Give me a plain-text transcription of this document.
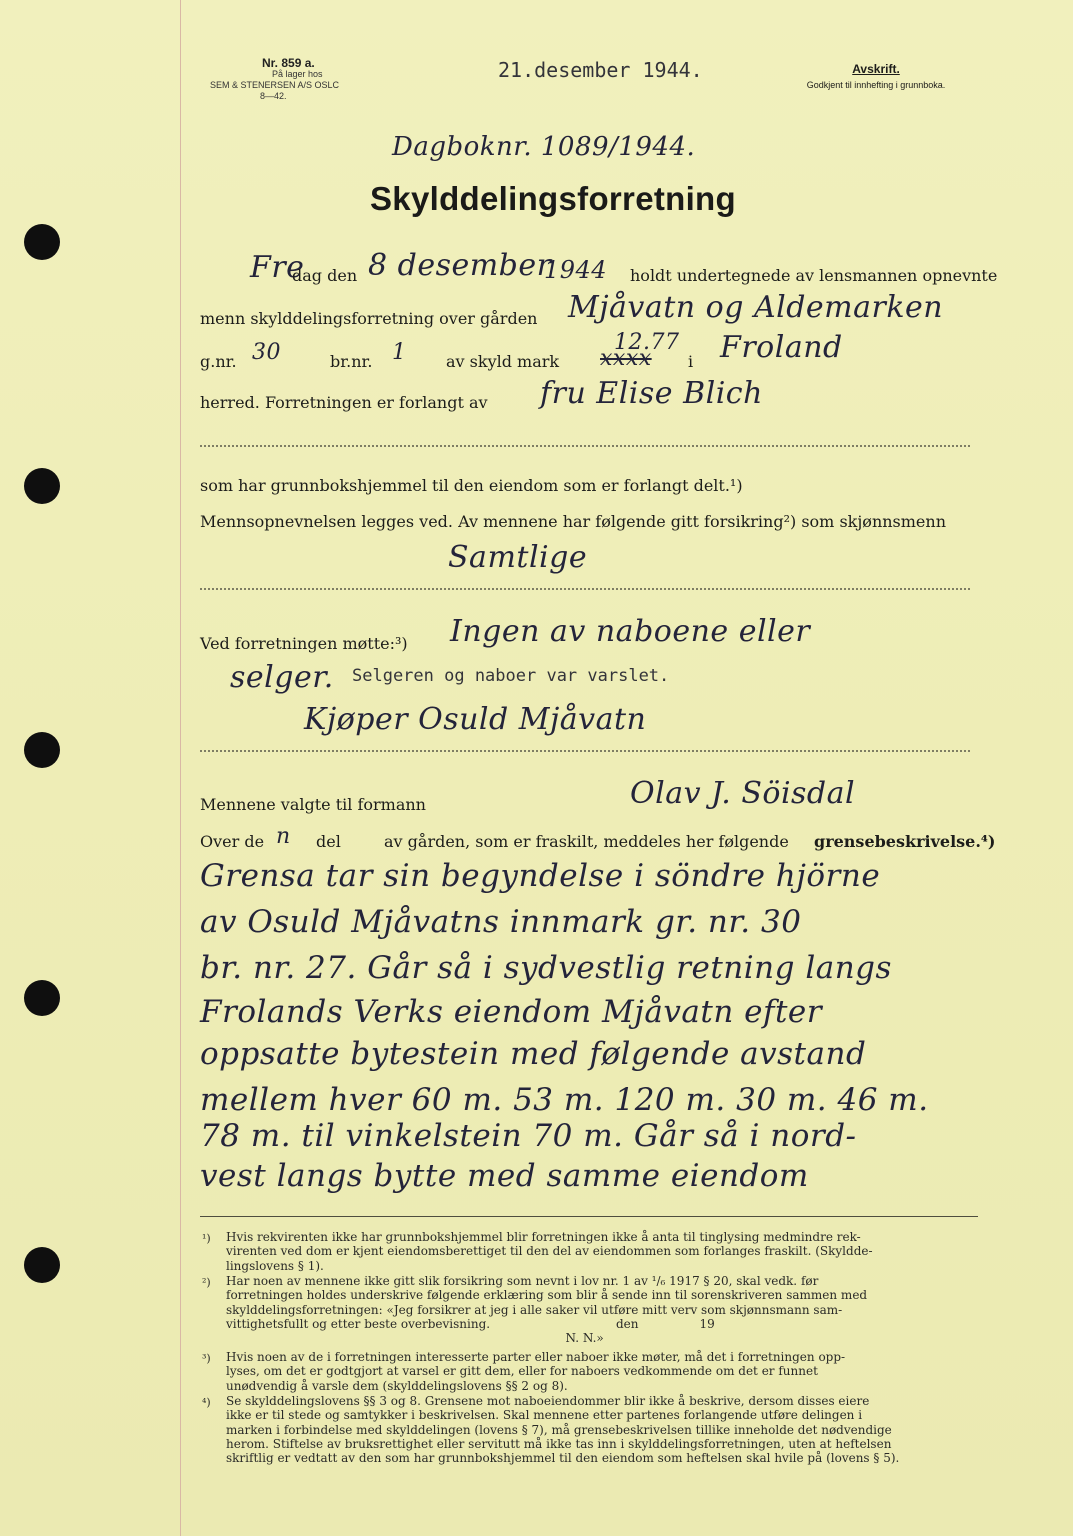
Nr. 859 a.
På lager hos
SEM & STENERSEN A/S OSLC
8—42.
21.desember 1944.
Dagboknr. 1089/1944.
Avskrift.
Godkjent til innhefting i grunnboka.
Skylddelingsforretning
Fre
dag den 8 desember
1944 holdt undertegnede av lensmannen opnevnte
menn skylddelingsforretning over gården Mjåvatn og Aldemarken
12.77
g.nr. 30	br.nr. 1 av skyld mark xxxx i Froland
herred. Forretningen er forlangt av fru Elise Blich
som har grunnbokshjemmel til den eiendom som er forlangt delt.¹)
Mennsopnevnelsen legges ved. Av mennene har følgende gitt forsikring²) som skjønnsmenn
Samtlige
Ved forretningen møtte:³) Ingen av naboene eller
selger. Selgeren og naboer var varslet.
Kjøper Osuld Mjåvatn
Mennene valgte til formann	Olav J. Söisdal
Over de n del	av gården, som er fraskilt, meddeles her følgende grensebeskrivelse.⁴)
Grensa tar sin begyndelse i söndre hjörne
av Osuld Mjåvatns innmark gr. nr. 30
br. nr. 27. Går så i sydvestlig retning langs
Frolands Verks eiendom Mjåvatn efter
oppsatte bytestein med følgende avstand
mellem hver 60 m. 53 m. 120 m. 30 m. 46 m.
78 m. til vinkelstein 70 m. Går så i nord-
vest langs bytte med samme eiendom
¹) Hvis rekvirenten ikke har grunnbokshjemmel blir forretningen ikke å anta til tinglysing medmindre rek-
virenten ved dom er kjent eiendomsberettiget til den del av eiendommen som forlanges fraskilt. (Skyldde-
lingslovens § 1).
²) Har noen av mennene ikke gitt slik forsikring som nevnt i lov nr. 1 av ¹/₆ 1917 § 20, skal vedk. før
forretningen holdes underskrive følgende erklæring som blir å sende inn til sorenskriveren sammen med
skylddelingsforretningen: «Jeg forsikrer at jeg i alle saker vil utføre mitt verv som skjønnsmann sam-
vittighetsfullt og etter beste overbevisning.                                 den                19
N. N.»
³) Hvis noen av de i forretningen interesserte parter eller naboer ikke møter, må det i forretningen opp-
lyses, om det er godtgjort at varsel er gitt dem, eller for naboers vedkommende om det er funnet
unødvendig å varsle dem (skylddelingslovens §§ 2 og 8).
⁴) Se skylddelingslovens §§ 3 og 8. Grensene mot naboeiendommer blir ikke å beskrive, dersom disses eiere
ikke er til stede og samtykker i beskrivelsen. Skal mennene etter partenes forlangende utføre delingen i
marken i forbindelse med skylddelingen (lovens § 7), må grensebeskrivelsen tillike inneholde det nødvendige
herom. Stiftelse av bruksrettighet eller servitutt må ikke tas inn i skylddelingsforretningen, uten at heftelsen
skriftlig er vedtatt av den som har grunnbokshjemmel til den eiendom som heftelsen skal hvile på (lovens § 5).
